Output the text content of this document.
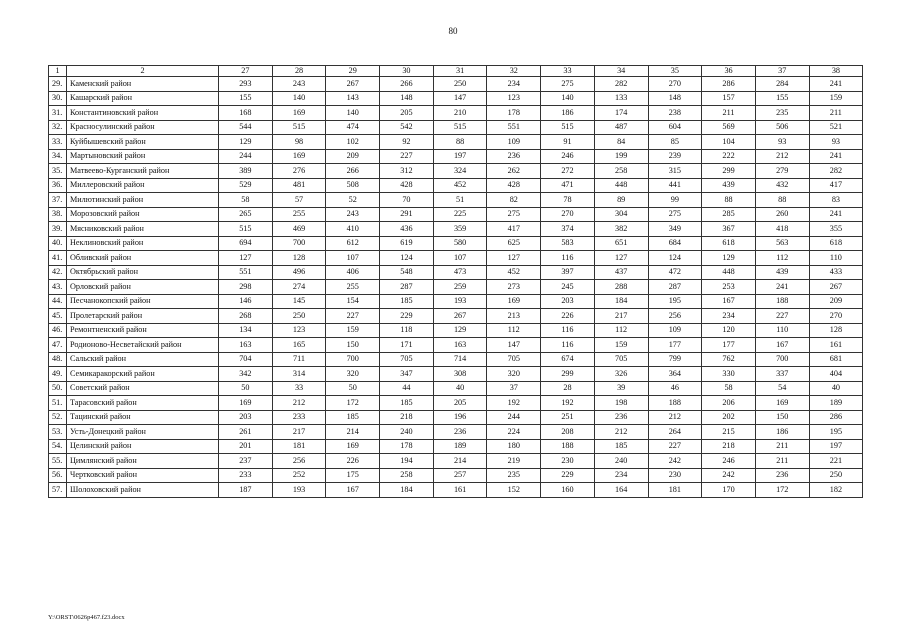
80
1	2	27	28	29	30	31	32	33	34	35	36	37	38
29.	Каменский район	293	243	267	266	250	234	275	282	270	286	284	241
30.	Кашарский район	155	140	143	148	147	123	140	133	148	157	155	159
31.	Константиновский район	168	169	140	205	210	178	186	174	238	211	235	211
32.	Красносулинский район	544	515	474	542	515	551	515	487	604	569	506	521
33.	Куйбышевский район	129	98	102	92	88	109	91	84	85	104	93	93
34.	Мартыновский район	244	169	209	227	197	236	246	199	239	222	212	241
35.	Матвеево-Курганский район	389	276	266	312	324	262	272	258	315	299	279	282
36.	Миллеровский район	529	481	508	428	452	428	471	448	441	439	432	417
37.	Милютинский район	58	57	52	70	51	82	78	89	99	88	88	83
38.	Морозовский район	265	255	243	291	225	275	270	304	275	285	260	241
39.	Мясниковский район	515	469	410	436	359	417	374	382	349	367	418	355
40.	Неклиновский район	694	700	612	619	580	625	583	651	684	618	563	618
41.	Обливский район	127	128	107	124	107	127	116	127	124	129	112	110
42.	Октябрьский район	551	496	406	548	473	452	397	437	472	448	439	433
43.	Орловский район	298	274	255	287	259	273	245	288	287	253	241	267
44.	Песчанокопский район	146	145	154	185	193	169	203	184	195	167	188	209
45.	Пролетарский район	268	250	227	229	267	213	226	217	256	234	227	270
46.	Ремонтненский район	134	123	159	118	129	112	116	112	109	120	110	128
47.	Родионово-Несветайский район	163	165	150	171	163	147	116	159	177	177	167	161
48.	Сальский район	704	711	700	705	714	705	674	705	799	762	700	681
49.	Семикаракорский район	342	314	320	347	308	320	299	326	364	330	337	404
50.	Советский район	50	33	50	44	40	37	28	39	46	58	54	40
51.	Тарасовский район	169	212	172	185	205	192	192	198	188	206	169	189
52.	Тацинский район	203	233	185	218	196	244	251	236	212	202	150	286
53.	Усть-Донецкий район	261	217	214	240	236	224	208	212	264	215	186	195
54.	Целинский район	201	181	169	178	189	180	188	185	227	218	211	197
55.	Цимлянский район	237	256	226	194	214	219	230	240	242	246	211	221
56.	Чертковский район	233	252	175	258	257	235	229	234	230	242	236	250
57.	Шолоховский район	187	193	167	184	161	152	160	164	181	170	172	182
Y:\ORST\0626p467.f23.docx
